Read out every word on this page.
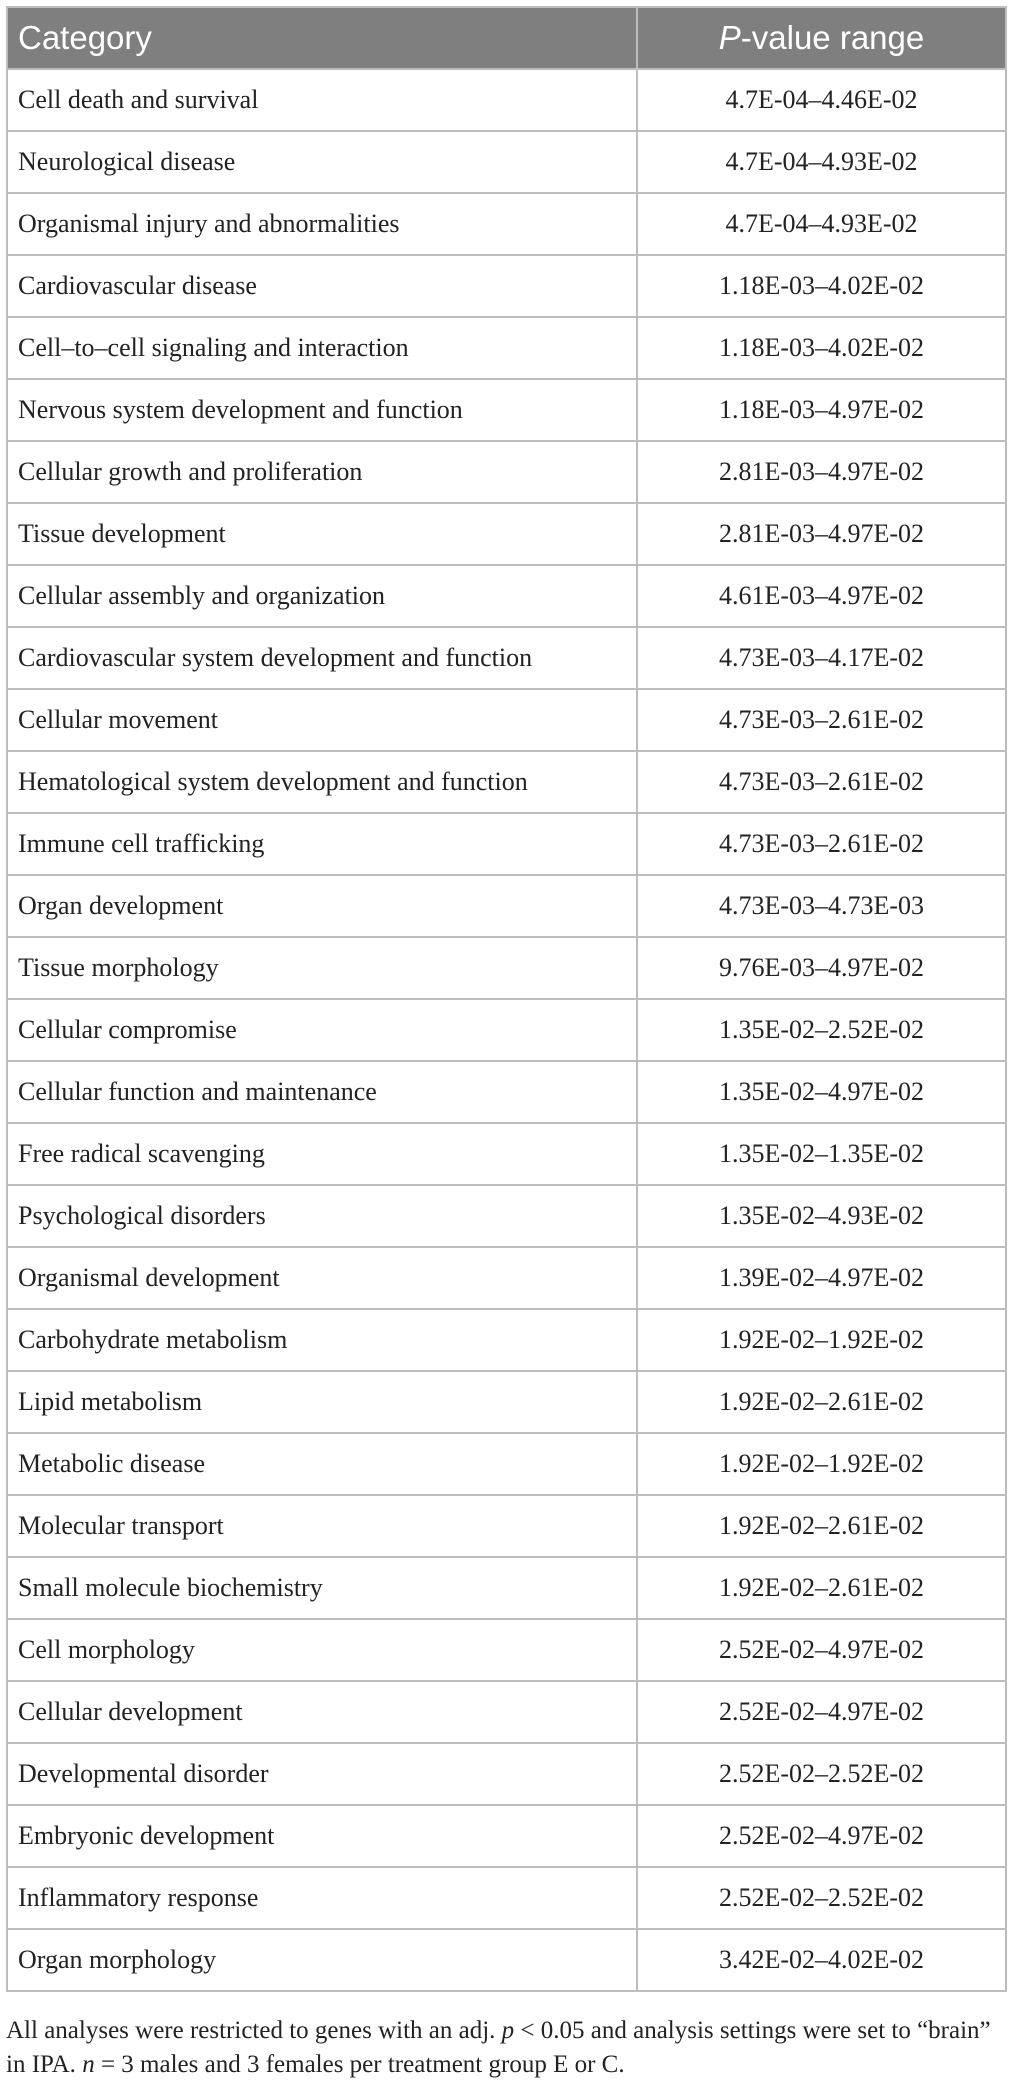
Category	P-value range
Cell death and survival	4.7E-04–4.46E-02
Neurological disease	4.7E-04–4.93E-02
Organismal injury and abnormalities	4.7E-04–4.93E-02
Cardiovascular disease	1.18E-03–4.02E-02
Cell–to–cell signaling and interaction	1.18E-03–4.02E-02
Nervous system development and function	1.18E-03–4.97E-02
Cellular growth and proliferation	2.81E-03–4.97E-02
Tissue development	2.81E-03–4.97E-02
Cellular assembly and organization	4.61E-03–4.97E-02
Cardiovascular system development and function	4.73E-03–4.17E-02
Cellular movement	4.73E-03–2.61E-02
Hematological system development and function	4.73E-03–2.61E-02
Immune cell trafficking	4.73E-03–2.61E-02
Organ development	4.73E-03–4.73E-03
Tissue morphology	9.76E-03–4.97E-02
Cellular compromise	1.35E-02–2.52E-02
Cellular function and maintenance	1.35E-02–4.97E-02
Free radical scavenging	1.35E-02–1.35E-02
Psychological disorders	1.35E-02–4.93E-02
Organismal development	1.39E-02–4.97E-02
Carbohydrate metabolism	1.92E-02–1.92E-02
Lipid metabolism	1.92E-02–2.61E-02
Metabolic disease	1.92E-02–1.92E-02
Molecular transport	1.92E-02–2.61E-02
Small molecule biochemistry	1.92E-02–2.61E-02
Cell morphology	2.52E-02–4.97E-02
Cellular development	2.52E-02–4.97E-02
Developmental disorder	2.52E-02–2.52E-02
Embryonic development	2.52E-02–4.97E-02
Inflammatory response	2.52E-02–2.52E-02
Organ morphology	3.42E-02–4.02E-02
All analyses were restricted to genes with an adj. p < 0.05 and analysis settings were set to “brain” in IPA. n = 3 males and 3 females per treatment group E or C.
